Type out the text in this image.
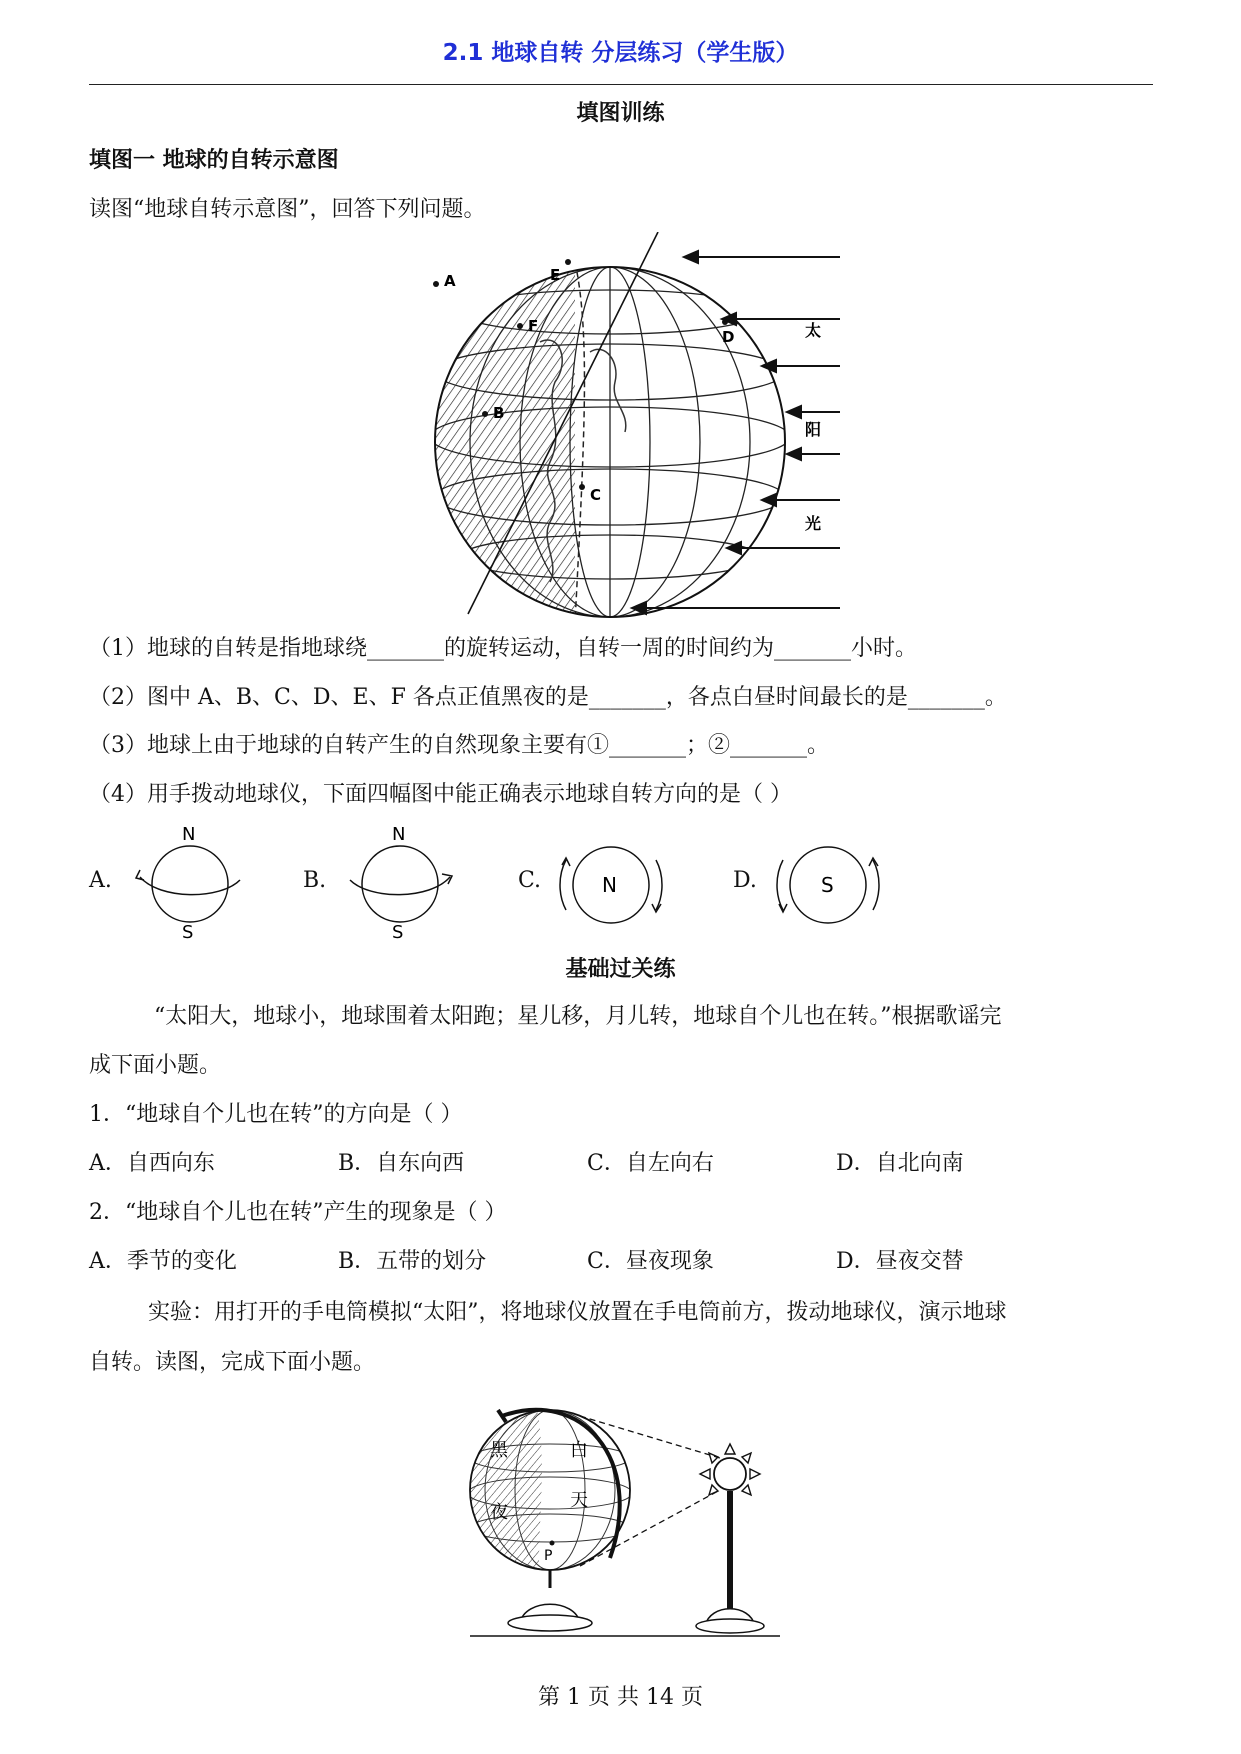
2.1 地球自转 分层练习（学生版）
填图训练
填图一 地球的自转示意图
读图“地球自转示意图”，回答下列问题。
A
B
C
D
E
F	太
阳
光
（1）地球的自转是指地球绕_______的旋转运动，自转一周的时间约为_______小时。
（2）图中 A、B、C、D、E、F 各点正值黑夜的是_______，各点白昼时间最长的是_______。
（3）地球上由于地球的自转产生的自然现象主要有①_______；②_______。
（4）用手拨动地球仪，下面四幅图中能正确表示地球自转方向的是（ ）
A.
N
S
B.
N
S
C.	N	D.	S
基础过关练
“太阳大，地球小，地球围着太阳跑；星儿移，月儿转，地球自个儿也在转。”根据歌谣完
成下面小题。
1．“地球自个儿也在转”的方向是（ ）
A．自西向东	B．自东向西	C．自左向右	D．自北向南
2．“地球自个儿也在转”产生的现象是（ ）
A．季节的变化	B．五带的划分	C．昼夜现象	D．昼夜交替
实验：用打开的手电筒模拟“太阳”，将地球仪放置在手电筒前方，拨动地球仪，演示地球
自转。读图，完成下面小题。
黑
夜
白
天
P
第 1 页 共 14 页
